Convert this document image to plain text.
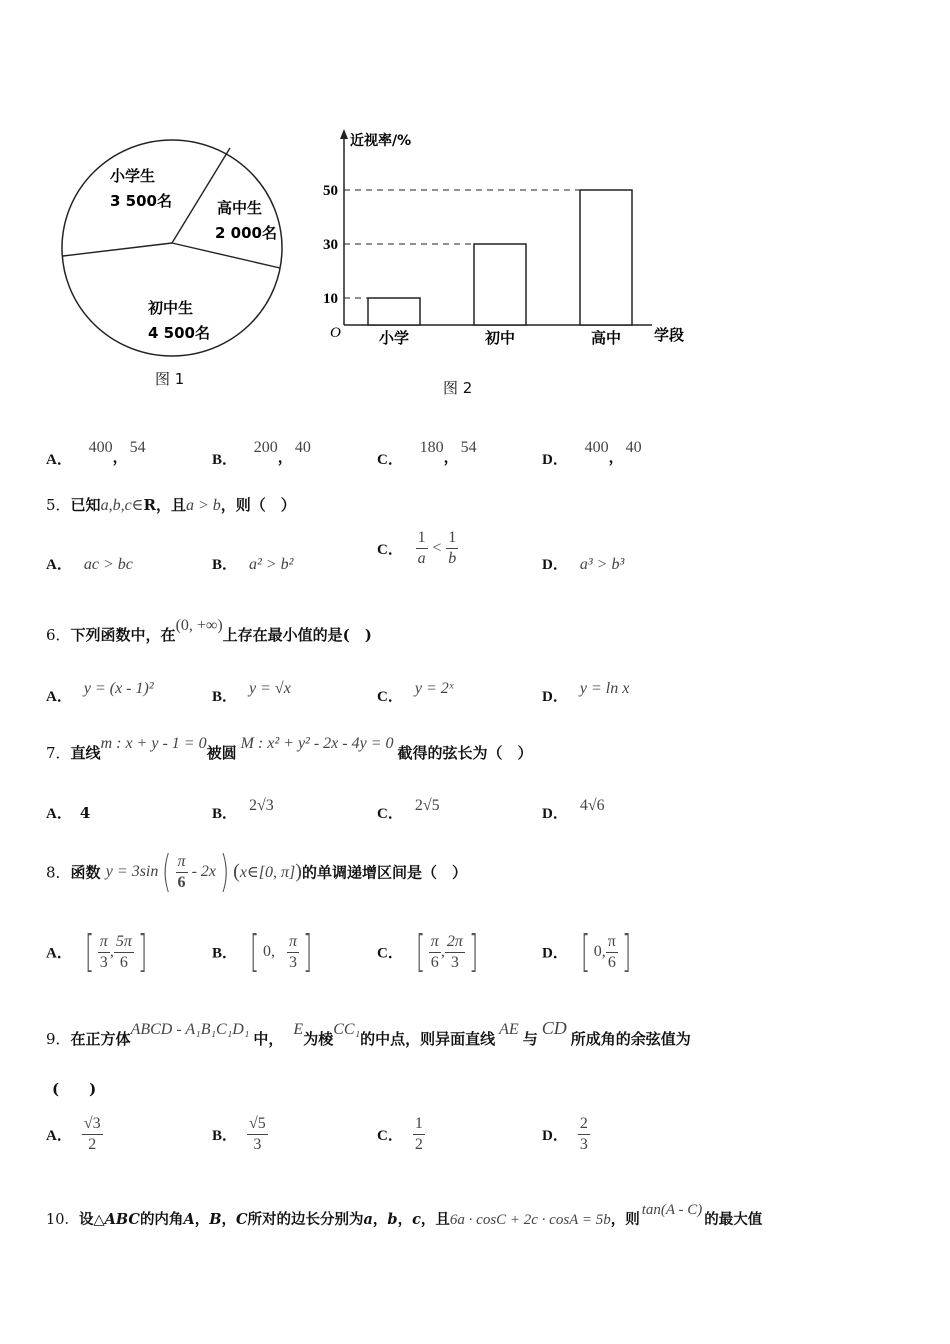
小学生
3 500名	高中生
2 000名
初中生
4 500名
图 1
近视率/%
学段
O
10
小学
30
初中
50
高中
图 2
A． 400，54
B． 200，40
C． 180，54
D． 400，40
5．已知a,b,c∈R，且a > b，则（　）
A． ac > bc	B． a² > b²
C． $\frac{1}{a} < \frac{1}{b}$	D． a³ > b³
6．下列函数中，在(0, +∞)上存在最小值的是(　)
A． y = (x - 1)²	B． y = √x	C． y = 2ˣ	D． y = ln x
7．直线m : x + y - 1 = 0被圆M : x² + y² - 2x - 4y = 0截得的弦长为（　）
A． 4	B． 2√3	C． 2√5	D． 4√6
8．函数 $y = 3\sin( \frac{\pi}{6} - 2x)$ (x∈[0, π])的单调递增区间是（　）
A． [ $\frac{\pi}{3}$ , $\frac{5\pi}{6}$ ]	B． [ 0, $\frac{\pi}{3}$ ]	C． [ $\frac{\pi}{6}$ , $\frac{2\pi}{3}$ ]	D． [ 0, $\frac{\pi}{6}$ ]
9．在正方体ABCD - A₁B₁C₁D₁中，E为棱CC₁的中点，则异面直线AE与CD所成角的余弦值为
(　　)
A． $\frac{√3}{2}$	B． $\frac{√5}{3}$	C． $\frac{1}{2}$	D． $\frac{2}{3}$
10．设△ABC的内角A，B，C所对的边长分别为a，b，c，且6a · cosC + 2c · cosA = 5b，则tan(A - C)的最大值
